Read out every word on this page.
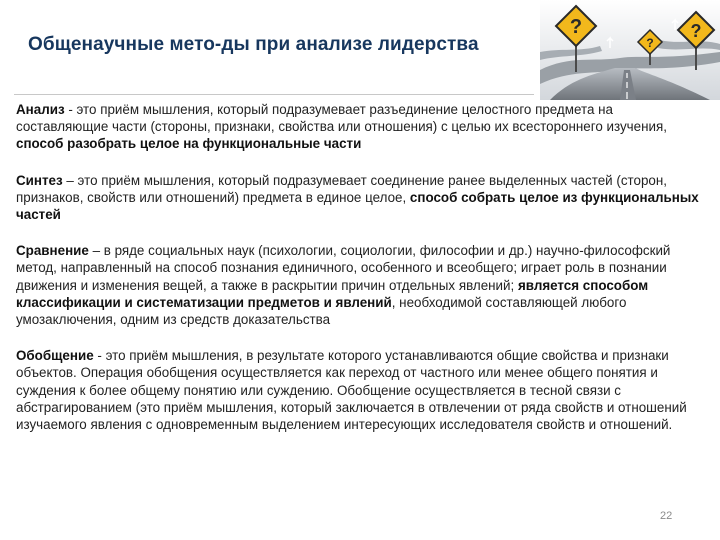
Общенаучные мето-ды при анализе лидерства
?
?
?

Анализ - это приём мышления, который подразумевает разъединение целостного предмета на составляющие части (стороны, признаки, свойства или отношения) с целью их всестороннего изучения, способ разобрать целое на функциональные части

Синтез – это приём мышления, который подразумевает соединение ранее выделенных частей (сторон, признаков, свойств или отношений) предмета в единое целое, способ собрать целое из функциональных частей

Сравнение – в ряде социальных наук (психологии, социологии, философии и др.) научно-философский метод, направленный на способ познания единичного, особенного и всеобщего; играет роль в познании движения и изменения вещей, а также в раскрытии причин отдельных явлений; является способом классификации и систематизации предметов и явлений, необходимой составляющей любого умозаключения, одним из средств доказательства

Обобщение - это приём мышления, в результате которого устанавливаются общие свойства и признаки объектов. Операция обобщения осуществляется как переход от частного или менее общего понятия и суждения к более общему понятию или суждению. Обобщение осуществляется в тесной связи с абстрагированием (это приём мышления, который заключается в отвлечении от ряда свойств и отношений изучаемого явления с одновременным выделением интересующих исследователя свойств и отношений.

22
